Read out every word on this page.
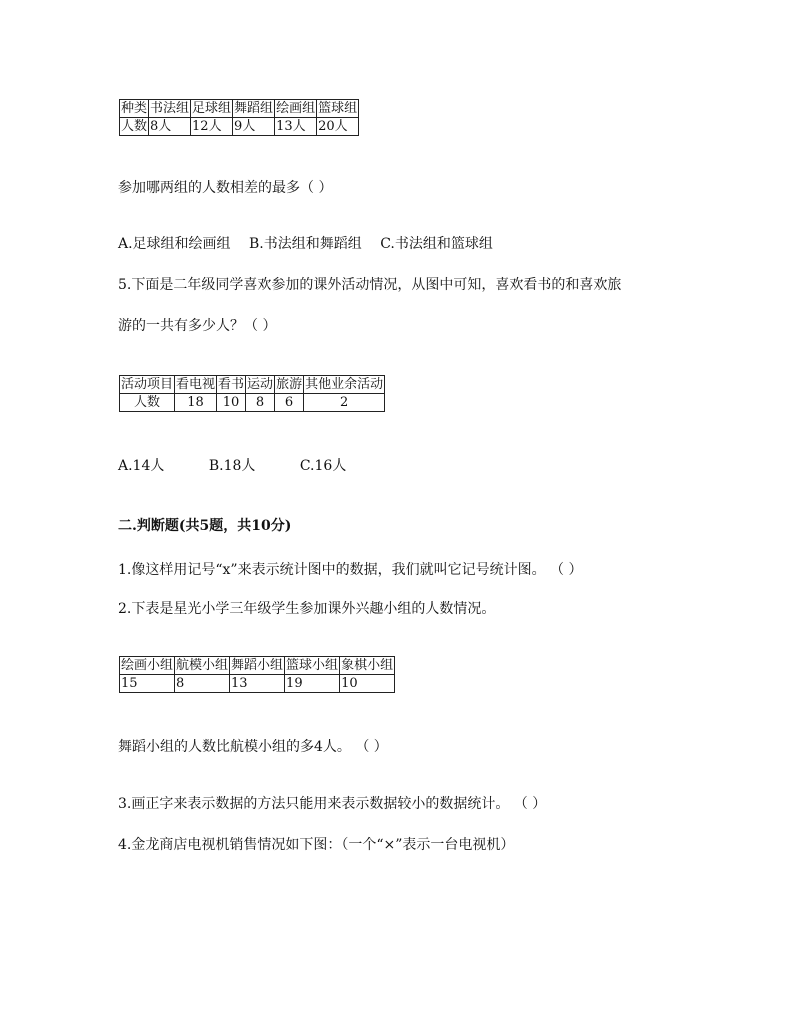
种类	书法组	足球组	舞蹈组	绘画组	篮球组
人数	8人	12人	9人	13人	20人
参加哪两组的人数相差的最多（ ）
A.足球组和绘画组 B.书法组和舞蹈组 C.书法组和篮球组
5.下面是二年级同学喜欢参加的课外活动情况，从图中可知，喜欢看书的和喜欢旅
游的一共有多少人？（ ）
活动项目	看电视	看书	运动	旅游	其他业余活动
人数	18	10	8	6	2
A.14人	B.18人	C.16人
二.判断题(共5题，共10分)
1.像这样用记号“x”来表示统计图中的数据，我们就叫它记号统计图。 （ ）
2.下表是星光小学三年级学生参加课外兴趣小组的人数情况。
绘画小组	航模小组	舞蹈小组	篮球小组	象棋小组
15	8	13	19	10
舞蹈小组的人数比航模小组的多4人。 （ ）
3.画正字来表示数据的方法只能用来表示数据较小的数据统计。 （ ）
4.金龙商店电视机销售情况如下图：（一个“×”表示一台电视机）
